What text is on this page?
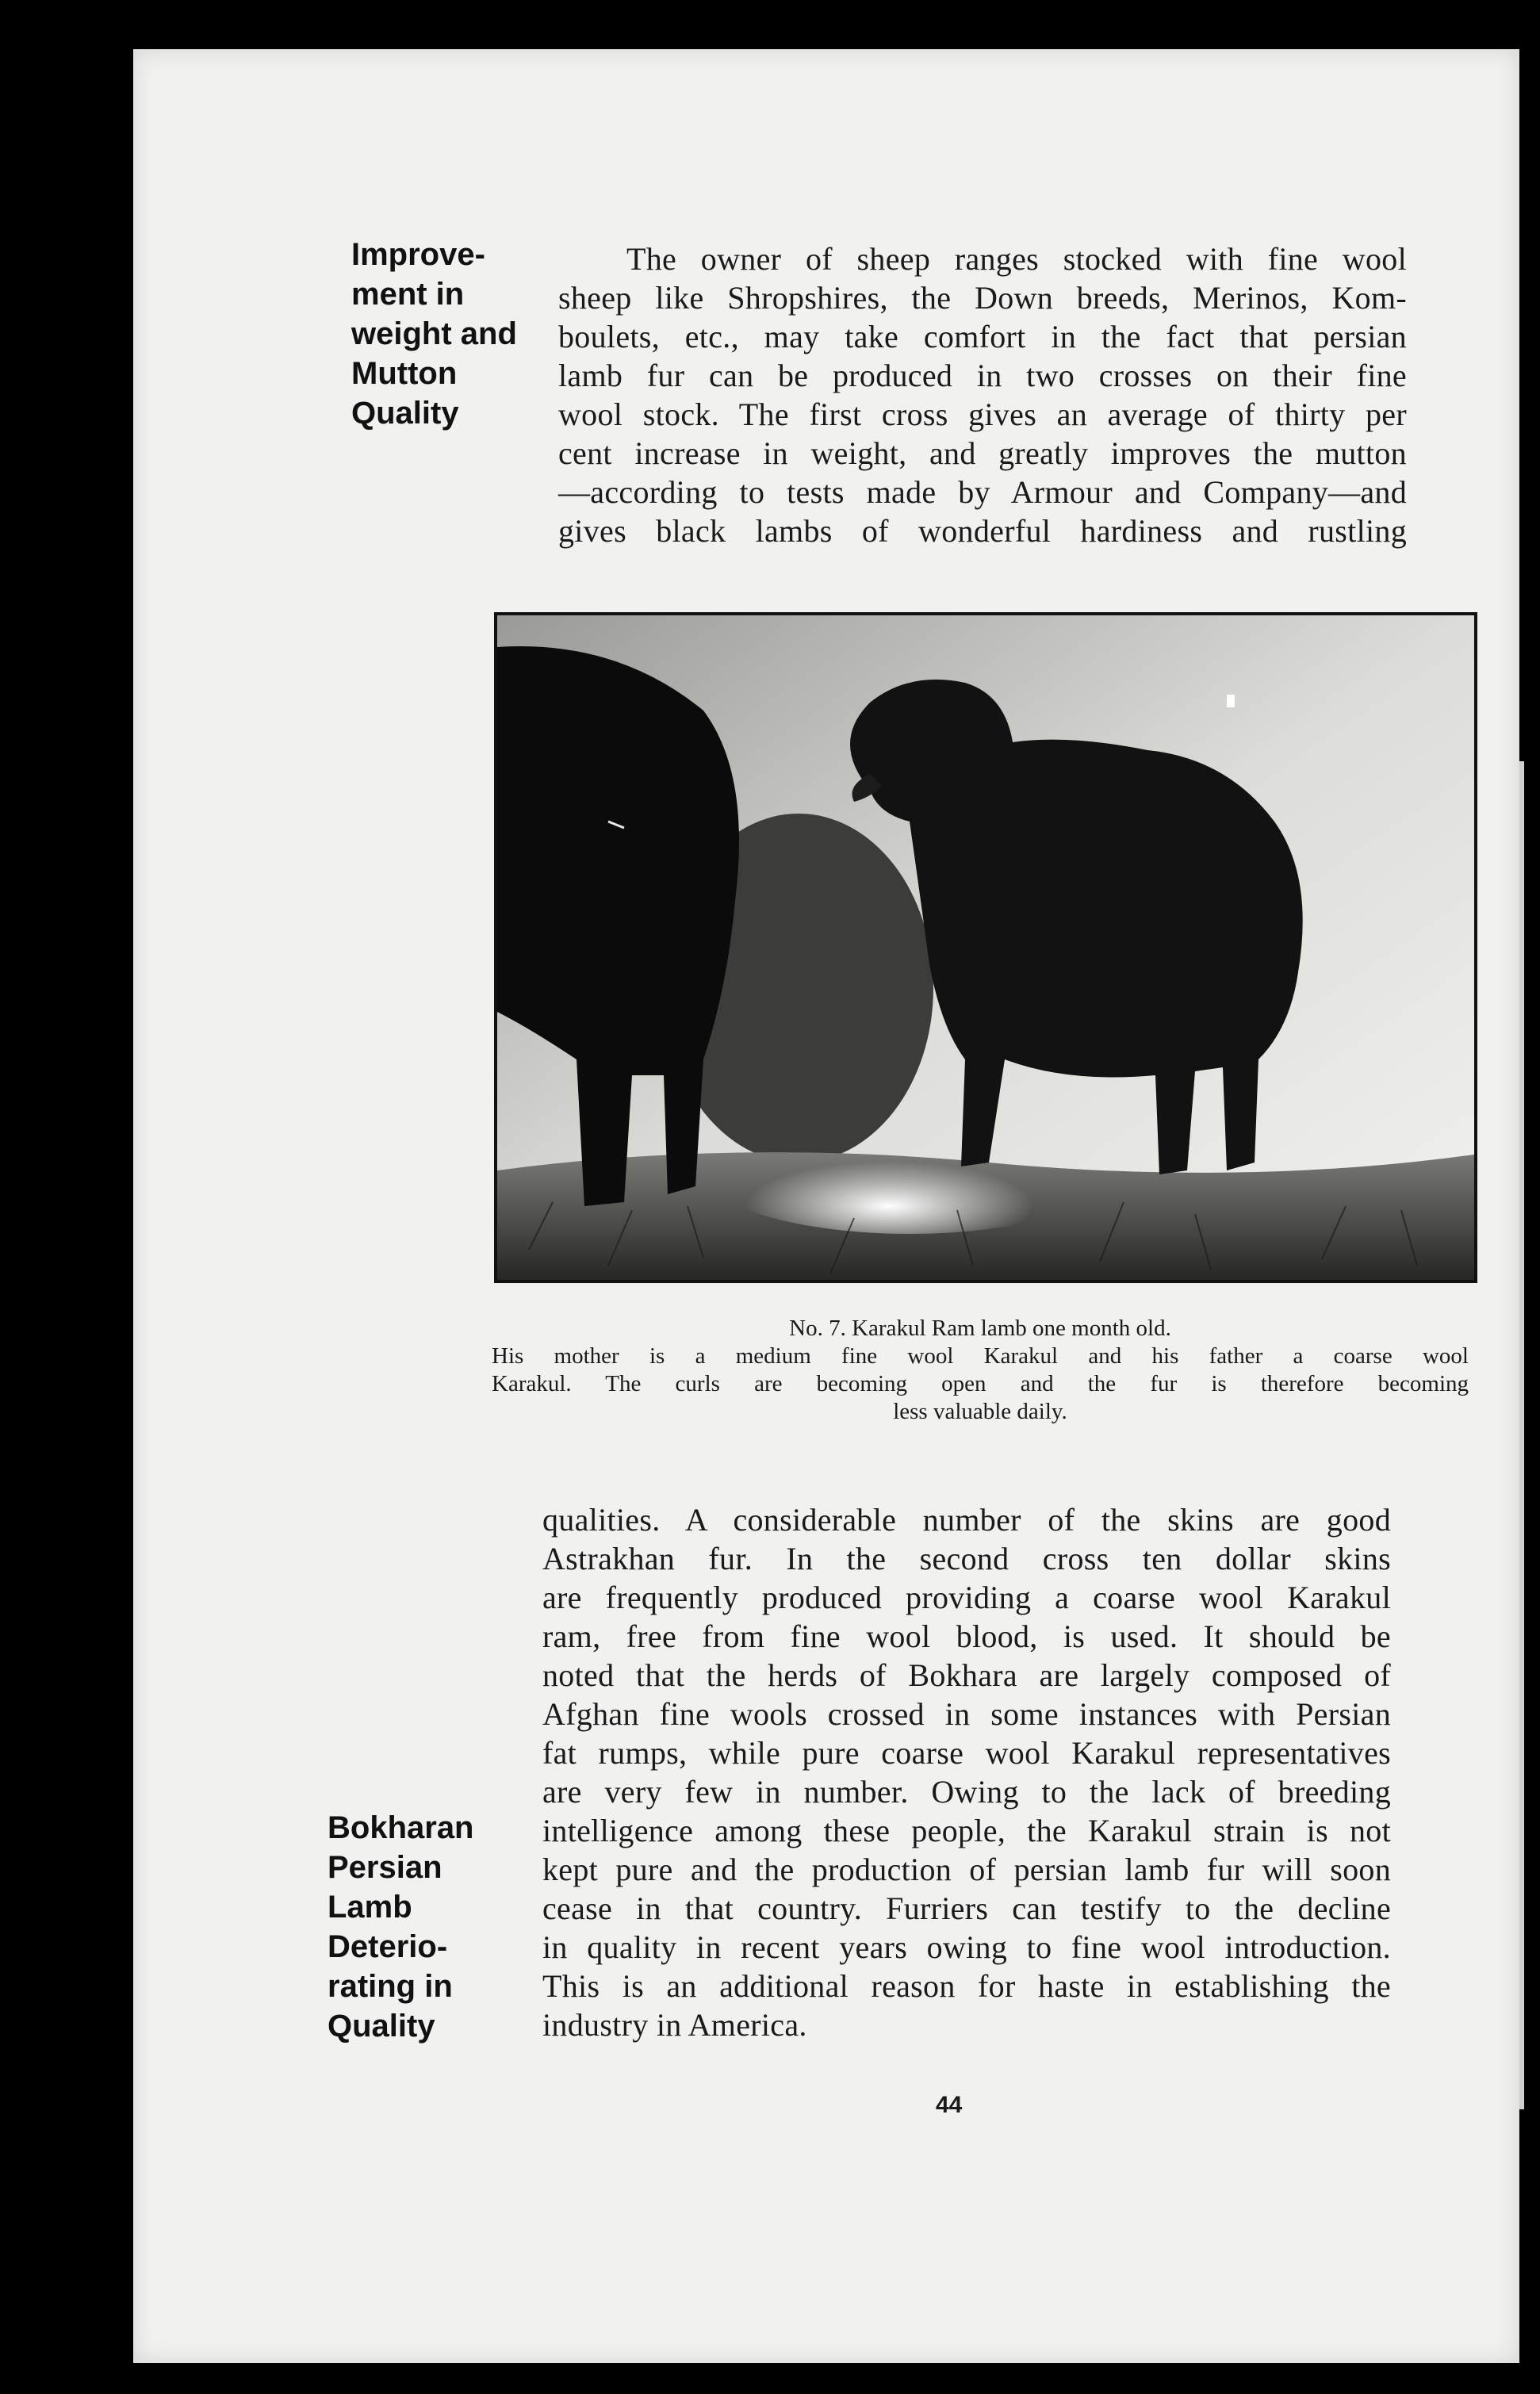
Improve-
ment in
weight and
Mutton
Quality
The owner of sheep ranges stocked with fine wool
sheep like Shropshires, the Down breeds, Merinos, Kom-
boulets, etc., may take comfort in the fact that persian
lamb fur can be produced in two crosses on their fine
wool stock. The first cross gives an average of thirty per
cent increase in weight, and greatly improves the mutton
—according to tests made by Armour and Company—and
gives black lambs of wonderful hardiness and rustling
No. 7. Karakul Ram lamb one month old.
His mother is a medium fine wool Karakul and his father a coarse wool
Karakul. The curls are becoming open and the fur is therefore becoming
less valuable daily.
qualities. A considerable number of the skins are good
Astrakhan fur. In the second cross ten dollar skins
are frequently produced providing a coarse wool Karakul
ram, free from fine wool blood, is used. It should be
noted that the herds of Bokhara are largely composed of
Afghan fine wools crossed in some instances with Persian
fat rumps, while pure coarse wool Karakul representatives
are very few in number. Owing to the lack of breeding
intelligence among these people, the Karakul strain is not
kept pure and the production of persian lamb fur will soon
cease in that country. Furriers can testify to the decline
in quality in recent years owing to fine wool introduction.
This is an additional reason for haste in establishing the
industry in America.
Bokharan
Persian
Lamb
Deterio-
rating in
Quality
44
